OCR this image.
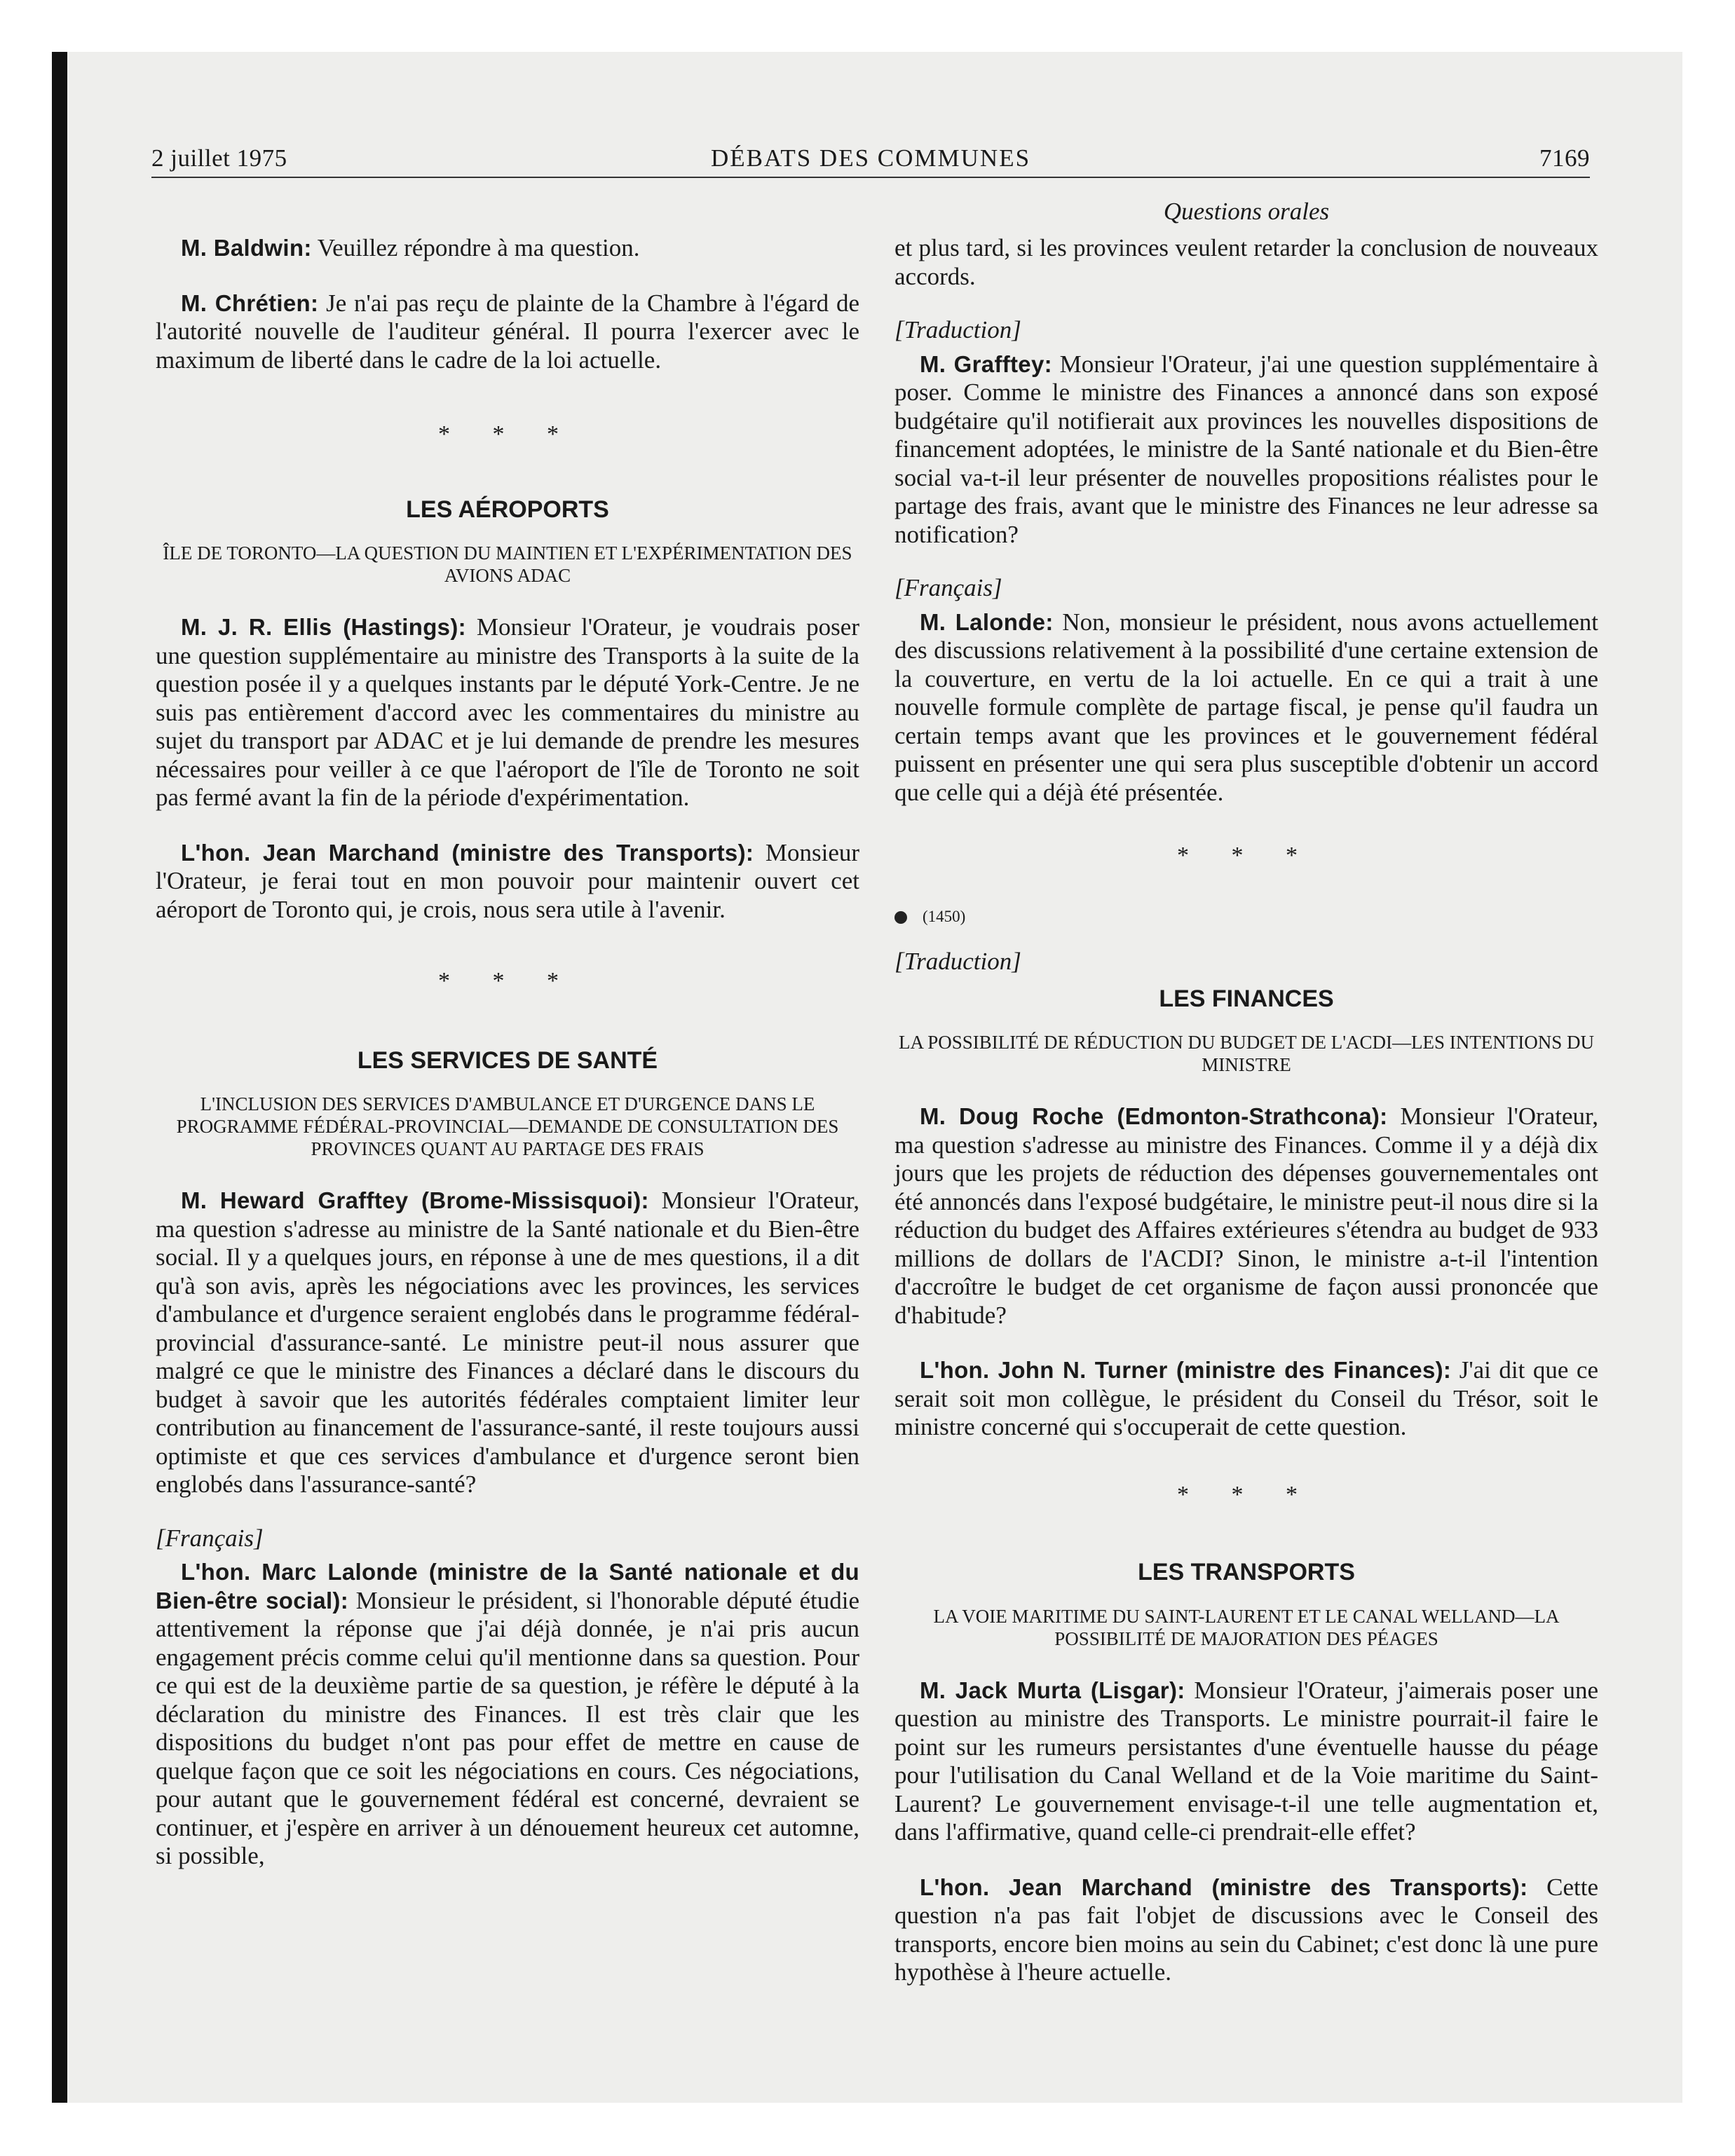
2 juillet 1975	DÉBATS DES COMMUNES	7169
Questions orales

M. Baldwin: Veuillez répondre à ma question.

M. Chrétien: Je n'ai pas reçu de plainte de la Chambre à l'égard de l'autorité nouvelle de l'auditeur général. Il pourra l'exercer avec le maximum de liberté dans le cadre de la loi actuelle.

* * *
LES AÉROPORTS
ÎLE DE TORONTO—LA QUESTION DU MAINTIEN ET L'EXPÉRIMENTATION DES AVIONS ADAC

M. J. R. Ellis (Hastings): Monsieur l'Orateur, je voudrais poser une question supplémentaire au ministre des Transports à la suite de la question posée il y a quelques instants par le député York-Centre. Je ne suis pas entièrement d'accord avec les commentaires du ministre au sujet du transport par ADAC et je lui demande de prendre les mesures nécessaires pour veiller à ce que l'aéroport de l'île de Toronto ne soit pas fermé avant la fin de la période d'expérimentation.

L'hon. Jean Marchand (ministre des Transports): Monsieur l'Orateur, je ferai tout en mon pouvoir pour maintenir ouvert cet aéroport de Toronto qui, je crois, nous sera utile à l'avenir.

* * *
LES SERVICES DE SANTÉ
L'INCLUSION DES SERVICES D'AMBULANCE ET D'URGENCE DANS LE PROGRAMME FÉDÉRAL-PROVINCIAL—DEMANDE DE CONSULTATION DES PROVINCES QUANT AU PARTAGE DES FRAIS

M. Heward Grafftey (Brome-Missisquoi): Monsieur l'Orateur, ma question s'adresse au ministre de la Santé nationale et du Bien-être social. Il y a quelques jours, en réponse à une de mes questions, il a dit qu'à son avis, après les négociations avec les provinces, les services d'ambulance et d'urgence seraient englobés dans le programme fédéral-provincial d'assurance-santé. Le ministre peut-il nous assurer que malgré ce que le ministre des Finances a déclaré dans le discours du budget à savoir que les autorités fédérales comptaient limiter leur contribution au financement de l'assurance-santé, il reste toujours aussi optimiste et que ces services d'ambulance et d'urgence seront bien englobés dans l'assurance-santé?

[Français]

L'hon. Marc Lalonde (ministre de la Santé nationale et du Bien-être social): Monsieur le président, si l'honorable député étudie attentivement la réponse que j'ai déjà donnée, je n'ai pris aucun engagement précis comme celui qu'il mentionne dans sa question. Pour ce qui est de la deuxième partie de sa question, je réfère le député à la déclaration du ministre des Finances. Il est très clair que les dispositions du budget n'ont pas pour effet de mettre en cause de quelque façon que ce soit les négociations en cours. Ces négociations, pour autant que le gouvernement fédéral est concerné, devraient se continuer, et j'espère en arriver à un dénouement heureux cet automne, si possible,

et plus tard, si les provinces veulent retarder la conclusion de nouveaux accords.

[Traduction]

M. Grafftey: Monsieur l'Orateur, j'ai une question supplémentaire à poser. Comme le ministre des Finances a annoncé dans son exposé budgétaire qu'il notifierait aux provinces les nouvelles dispositions de financement adoptées, le ministre de la Santé nationale et du Bien-être social va-t-il leur présenter de nouvelles propositions réalistes pour le partage des frais, avant que le ministre des Finances ne leur adresse sa notification?

[Français]

M. Lalonde: Non, monsieur le président, nous avons actuellement des discussions relativement à la possibilité d'une certaine extension de la couverture, en vertu de la loi actuelle. En ce qui a trait à une nouvelle formule complète de partage fiscal, je pense qu'il faudra un certain temps avant que les provinces et le gouvernement fédéral puissent en présenter une qui sera plus susceptible d'obtenir un accord que celle qui a déjà été présentée.

* * *
(1450)
[Traduction]
LES FINANCES
LA POSSIBILITÉ DE RÉDUCTION DU BUDGET DE L'ACDI—LES INTENTIONS DU MINISTRE

M. Doug Roche (Edmonton-Strathcona): Monsieur l'Orateur, ma question s'adresse au ministre des Finances. Comme il y a déjà dix jours que les projets de réduction des dépenses gouvernementales ont été annoncés dans l'exposé budgétaire, le ministre peut-il nous dire si la réduction du budget des Affaires extérieures s'étendra au budget de 933 millions de dollars de l'ACDI? Sinon, le ministre a-t-il l'intention d'accroître le budget de cet organisme de façon aussi prononcée que d'habitude?

L'hon. John N. Turner (ministre des Finances): J'ai dit que ce serait soit mon collègue, le président du Conseil du Trésor, soit le ministre concerné qui s'occuperait de cette question.

* * *
LES TRANSPORTS
LA VOIE MARITIME DU SAINT-LAURENT ET LE CANAL WELLAND—LA POSSIBILITÉ DE MAJORATION DES PÉAGES

M. Jack Murta (Lisgar): Monsieur l'Orateur, j'aimerais poser une question au ministre des Transports. Le ministre pourrait-il faire le point sur les rumeurs persistantes d'une éventuelle hausse du péage pour l'utilisation du Canal Welland et de la Voie maritime du Saint-Laurent? Le gouvernement envisage-t-il une telle augmentation et, dans l'affirmative, quand celle-ci prendrait-elle effet?

L'hon. Jean Marchand (ministre des Transports): Cette question n'a pas fait l'objet de discussions avec le Conseil des transports, encore bien moins au sein du Cabinet; c'est donc là une pure hypothèse à l'heure actuelle.
